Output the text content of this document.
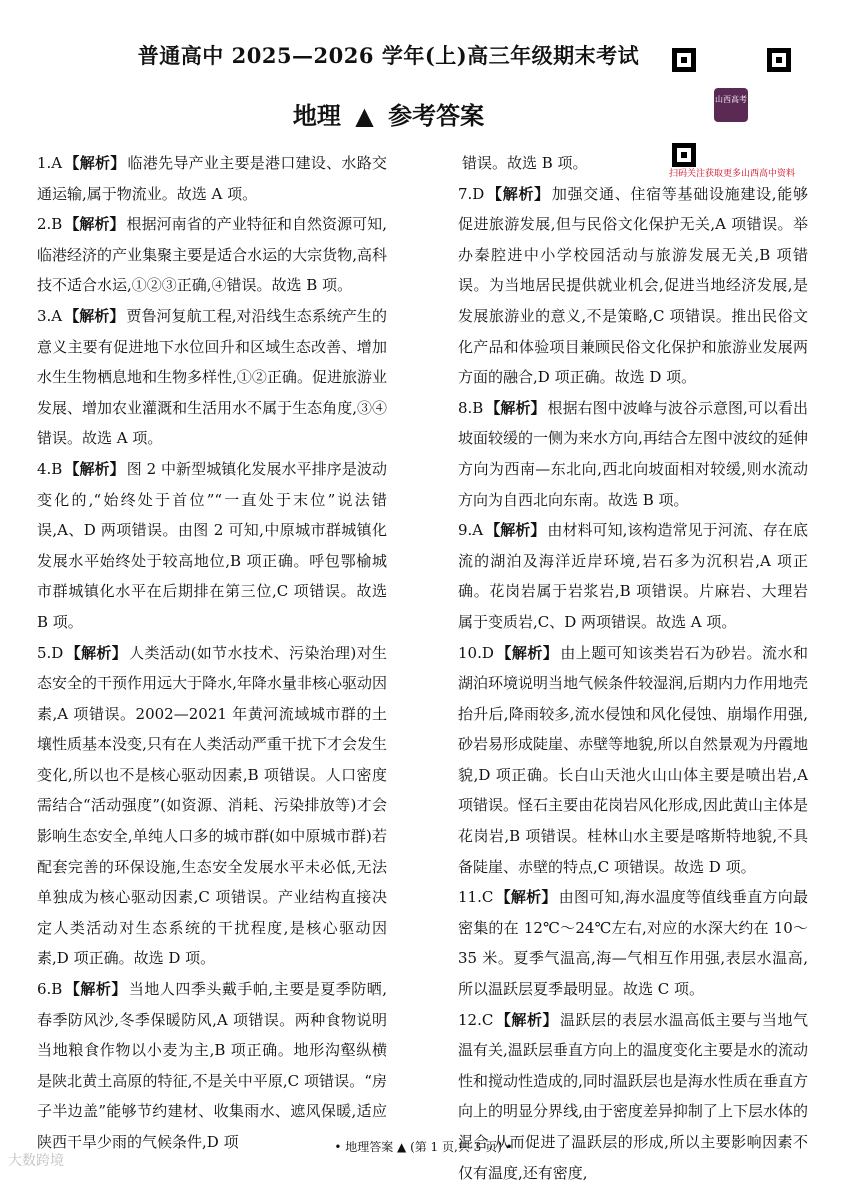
普通高中 2025—2026 学年(上)高三年级期末考试
地理 ▲ 参考答案
山西高考
扫码关注获取更多山西高中资料

1.A 【解析】 临港先导产业主要是港口建设、水路交通运输,属于物流业。故选 A 项。

2.B 【解析】 根据河南省的产业特征和自然资源可知,临港经济的产业集聚主要是适合水运的大宗货物,高科技不适合水运,①②③正确,④错误。故选 B 项。

3.A 【解析】 贾鲁河复航工程,对沿线生态系统产生的意义主要有促进地下水位回升和区域生态改善、增加水生生物栖息地和生物多样性,①②正确。促进旅游业发展、增加农业灌溉和生活用水不属于生态角度,③④错误。故选 A 项。

4.B 【解析】 图 2 中新型城镇化发展水平排序是波动变化的,“始终处于首位”“一直处于末位”说法错误,A、D 两项错误。由图 2 可知,中原城市群城镇化发展水平始终处于较高地位,B 项正确。呼包鄂榆城市群城镇化水平在后期排在第三位,C 项错误。故选 B 项。

5.D 【解析】 人类活动(如节水技术、污染治理)对生态安全的干预作用远大于降水,年降水量非核心驱动因素,A 项错误。2002—2021 年黄河流域城市群的土壤性质基本没变,只有在人类活动严重干扰下才会发生变化,所以也不是核心驱动因素,B 项错误。人口密度需结合“活动强度”(如资源、消耗、污染排放等)才会影响生态安全,单纯人口多的城市群(如中原城市群)若配套完善的环保设施,生态安全发展水平未必低,无法单独成为核心驱动因素,C 项错误。产业结构直接决定人类活动对生态系统的干扰程度,是核心驱动因素,D 项正确。故选 D 项。

6.B 【解析】 当地人四季头戴手帕,主要是夏季防晒,春季防风沙,冬季保暖防风,A 项错误。两种食物说明当地粮食作物以小麦为主,B 项正确。地形沟壑纵横是陕北黄土高原的特征,不是关中平原,C 项错误。“房子半边盖”能够节约建材、收集雨水、遮风保暖,适应陕西干旱少雨的气候条件,D 项

错误。故选 B 项。

7.D 【解析】 加强交通、住宿等基础设施建设,能够促进旅游发展,但与民俗文化保护无关,A 项错误。举办秦腔进中小学校园活动与旅游发展无关,B 项错误。为当地居民提供就业机会,促进当地经济发展,是发展旅游业的意义,不是策略,C 项错误。推出民俗文化产品和体验项目兼顾民俗文化保护和旅游业发展两方面的融合,D 项正确。故选 D 项。

8.B 【解析】 根据右图中波峰与波谷示意图,可以看出坡面较缓的一侧为来水方向,再结合左图中波纹的延伸方向为西南—东北向,西北向坡面相对较缓,则水流动方向为自西北向东南。故选 B 项。

9.A 【解析】 由材料可知,该构造常见于河流、存在底流的湖泊及海洋近岸环境,岩石多为沉积岩,A 项正确。花岗岩属于岩浆岩,B 项错误。片麻岩、大理岩属于变质岩,C、D 两项错误。故选 A 项。

10.D 【解析】 由上题可知该类岩石为砂岩。流水和湖泊环境说明当地气候条件较湿润,后期内力作用地壳抬升后,降雨较多,流水侵蚀和风化侵蚀、崩塌作用强,砂岩易形成陡崖、赤壁等地貌,所以自然景观为丹霞地貌,D 项正确。长白山天池火山山体主要是喷出岩,A 项错误。怪石主要由花岗岩风化形成,因此黄山主体是花岗岩,B 项错误。桂林山水主要是喀斯特地貌,不具备陡崖、赤壁的特点,C 项错误。故选 D 项。

11.C 【解析】 由图可知,海水温度等值线垂直方向最密集的在 12℃～24℃左右,对应的水深大约在 10～35 米。夏季气温高,海—气相互作用强,表层水温高,所以温跃层夏季最明显。故选 C 项。

12.C 【解析】 温跃层的表层水温高低主要与当地气温有关,温跃层垂直方向上的温度变化主要是水的流动性和搅动性造成的,同时温跃层也是海水性质在垂直方向上的明显分界线,由于密度差异抑制了上下层水体的混合,从而促进了温跃层的形成,所以主要影响因素不仅有温度,还有密度,

• 地理答案 ▲ (第 1 页,共 3 页) •
大数跨境
